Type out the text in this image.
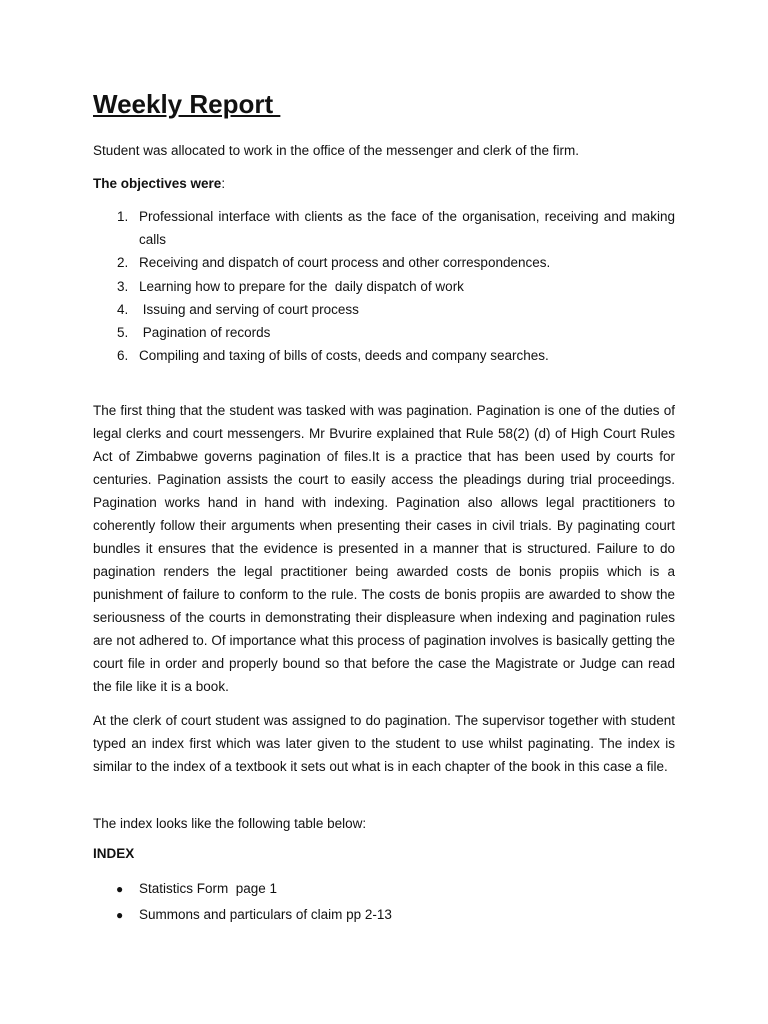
Weekly Report
Student was allocated to work in the office of the messenger and clerk of the firm.
The objectives were:
1. Professional interface with clients as the face of the organisation, receiving and making calls
2. Receiving and dispatch of court process and other correspondences.
3. Learning how to prepare for the  daily dispatch of work
4. Issuing and serving of court process
5. Pagination of records
6. Compiling and taxing of bills of costs, deeds and company searches.

The first thing that the student was tasked with was pagination. Pagination is one of the duties of legal clerks and court messengers. Mr Bvurire explained that Rule 58(2) (d) of High Court Rules Act of Zimbabwe governs pagination of files.It is a practice that has been used by courts for centuries. Pagination assists the court to easily access the pleadings during trial proceedings. Pagination works hand in hand with indexing. Pagination also allows legal practitioners to coherently follow their arguments when presenting their cases in civil trials. By paginating court bundles it ensures that the evidence is presented in a manner that is structured. Failure to do pagination renders the legal practitioner being awarded costs de bonis propiis which is a punishment of failure to conform to the rule. The costs de bonis propiis are awarded to show the seriousness of the courts in demonstrating their displeasure when indexing and pagination rules are not adhered to. Of importance what this process of pagination involves is basically getting the court file in order and properly bound so that before the case the Magistrate or Judge can read the file like it is a book.

At the clerk of court student was assigned to do pagination. The supervisor together with student typed an index first which was later given to the student to use whilst paginating. The index is similar to the index of a textbook it sets out what is in each chapter of the book in this case a file.

The index looks like the following table below:

INDEX
● Statistics Form  page 1
● Summons and particulars of claim pp 2-13
